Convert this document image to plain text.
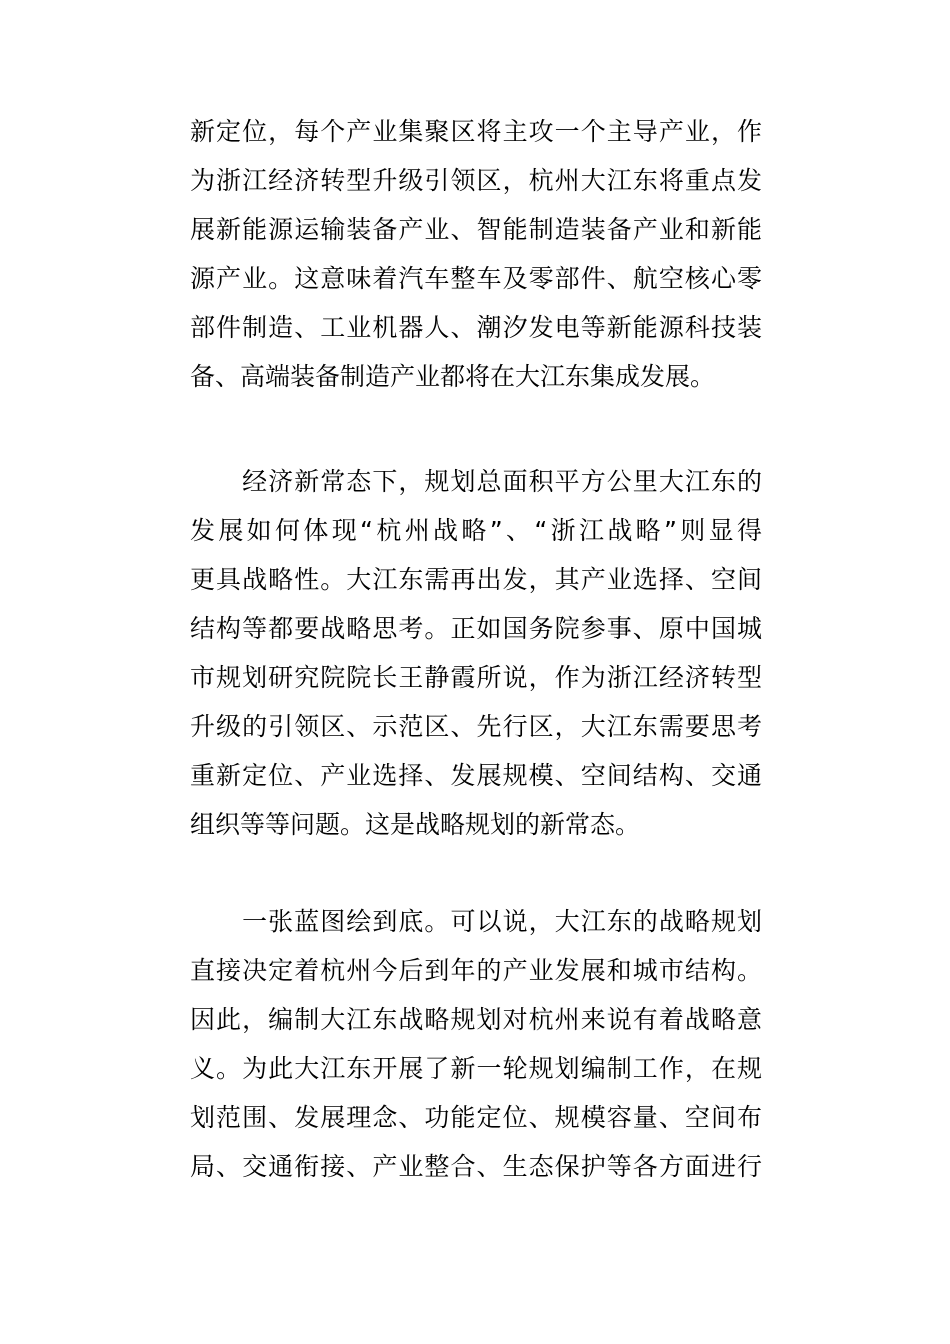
新定位，每个产业集聚区将主攻一个主导产业，作
为浙江经济转型升级引领区，杭州大江东将重点发
展新能源运输装备产业、智能制造装备产业和新能
源产业。这意味着汽车整车及零部件、航空核心零
部件制造、工业机器人、潮汐发电等新能源科技装
备、高端装备制造产业都将在大江东集成发展。
　　经济新常态下，规划总面积平方公里大江东的
发展如何体现“杭州战略”、“浙江战略”则显得
更具战略性。大江东需再出发，其产业选择、空间
结构等都要战略思考。正如国务院参事、原中国城
市规划研究院院长王静霞所说，作为浙江经济转型
升级的引领区、示范区、先行区，大江东需要思考
重新定位、产业选择、发展规模、空间结构、交通
组织等等问题。这是战略规划的新常态。
　　一张蓝图绘到底。可以说，大江东的战略规划
直接决定着杭州今后到年的产业发展和城市结构。
因此，编制大江东战略规划对杭州来说有着战略意
义。为此大江东开展了新一轮规划编制工作，在规
划范围、发展理念、功能定位、规模容量、空间布
局、交通衔接、产业整合、生态保护等各方面进行
